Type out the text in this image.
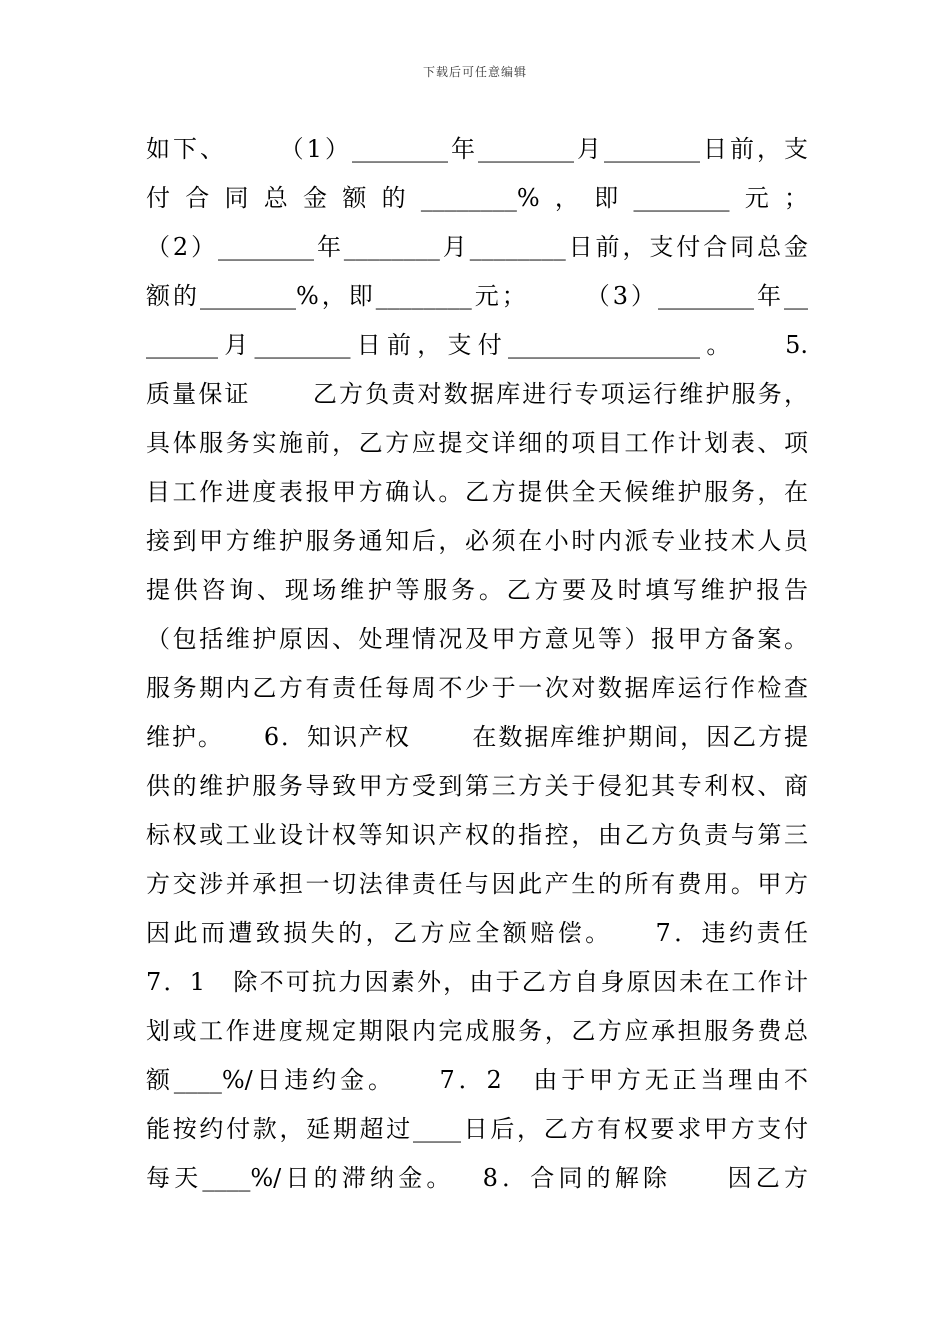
下载后可任意编辑
如下、　　 （1）________年________月________日前，支
付合同总金额的________%，即________元；
（2）________年________月________日前，支付合同总金
额的________%，即________元；　　　（3）________年__
______月________日前，支付________________。　　5.
质量保证　　 乙方负责对数据库进行专项运行维护服务，
具体服务实施前，乙方应提交详细的项目工作计划表、项
目工作进度表报甲方确认。乙方提供全天候维护服务，在
接到甲方维护服务通知后，必须在小时内派专业技术人员
提供咨询、现场维护等服务。乙方要及时填写维护报告
（包括维护原因、处理情况及甲方意见等）报甲方备案。
服务期内乙方有责任每周不少于一次对数据库运行作检查
维护。　　6．知识产权　　 在数据库维护期间，因乙方提
供的维护服务导致甲方受到第三方关于侵犯其专利权、商
标权或工业设计权等知识产权的指控，由乙方负责与第三
方交涉并承担一切法律责任与因此产生的所有费用。甲方
因此而遭致损失的，乙方应全额赔偿。　　7．违约责任
7．1　除不可抗力因素外，由于乙方自身原因未在工作计
划或工作进度规定期限内完成服务，乙方应承担服务费总
额____%/日违约金。　　7．2　由于甲方无正当理由不
能按约付款，延期超过____日后，乙方有权要求甲方支付
每天____%/日的滞纳金。　 8．合同的解除　　因乙方
